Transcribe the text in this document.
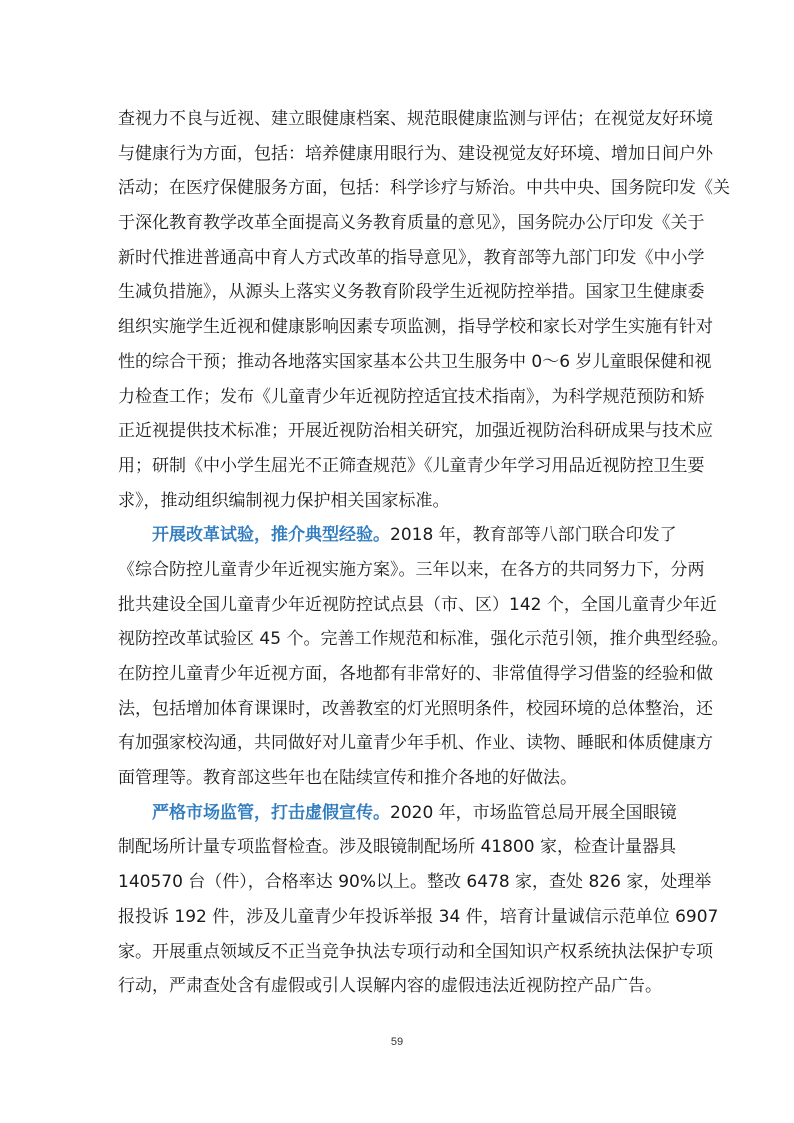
查视力不良与近视、建立眼健康档案、规范眼健康监测与评估；在视觉友好环境
与健康行为方面，包括：培养健康用眼行为、建设视觉友好环境、增加日间户外
活动；在医疗保健服务方面，包括：科学诊疗与矫治。中共中央、国务院印发《关
于深化教育教学改革全面提高义务教育质量的意见》，国务院办公厅印发《关于
新时代推进普通高中育人方式改革的指导意见》，教育部等九部门印发《中小学
生减负措施》，从源头上落实义务教育阶段学生近视防控举措。国家卫生健康委
组织实施学生近视和健康影响因素专项监测，指导学校和家长对学生实施有针对
性的综合干预；推动各地落实国家基本公共卫生服务中 0～6 岁儿童眼保健和视
力检查工作；发布《儿童青少年近视防控适宜技术指南》，为科学规范预防和矫
正近视提供技术标准；开展近视防治相关研究，加强近视防治科研成果与技术应
用；研制《中小学生屈光不正筛查规范》《儿童青少年学习用品近视防控卫生要
求》，推动组织编制视力保护相关国家标准。
开展改革试验，推介典型经验。2018 年，教育部等八部门联合印发了
《综合防控儿童青少年近视实施方案》。三年以来，在各方的共同努力下，分两
批共建设全国儿童青少年近视防控试点县（市、区）142 个，全国儿童青少年近
视防控改革试验区 45 个。完善工作规范和标准，强化示范引领，推介典型经验。
在防控儿童青少年近视方面，各地都有非常好的、非常值得学习借鉴的经验和做
法，包括增加体育课课时，改善教室的灯光照明条件，校园环境的总体整治，还
有加强家校沟通，共同做好对儿童青少年手机、作业、读物、睡眠和体质健康方
面管理等。教育部这些年也在陆续宣传和推介各地的好做法。
严格市场监管，打击虚假宣传。2020 年，市场监管总局开展全国眼镜
制配场所计量专项监督检查。涉及眼镜制配场所 41800 家，检查计量器具
140570 台（件），合格率达 90%以上。整改 6478 家，查处 826 家，处理举
报投诉 192 件，涉及儿童青少年投诉举报 34 件，培育计量诚信示范单位 6907
家。开展重点领域反不正当竞争执法专项行动和全国知识产权系统执法保护专项
行动，严肃查处含有虚假或引人误解内容的虚假违法近视防控产品广告。
59
